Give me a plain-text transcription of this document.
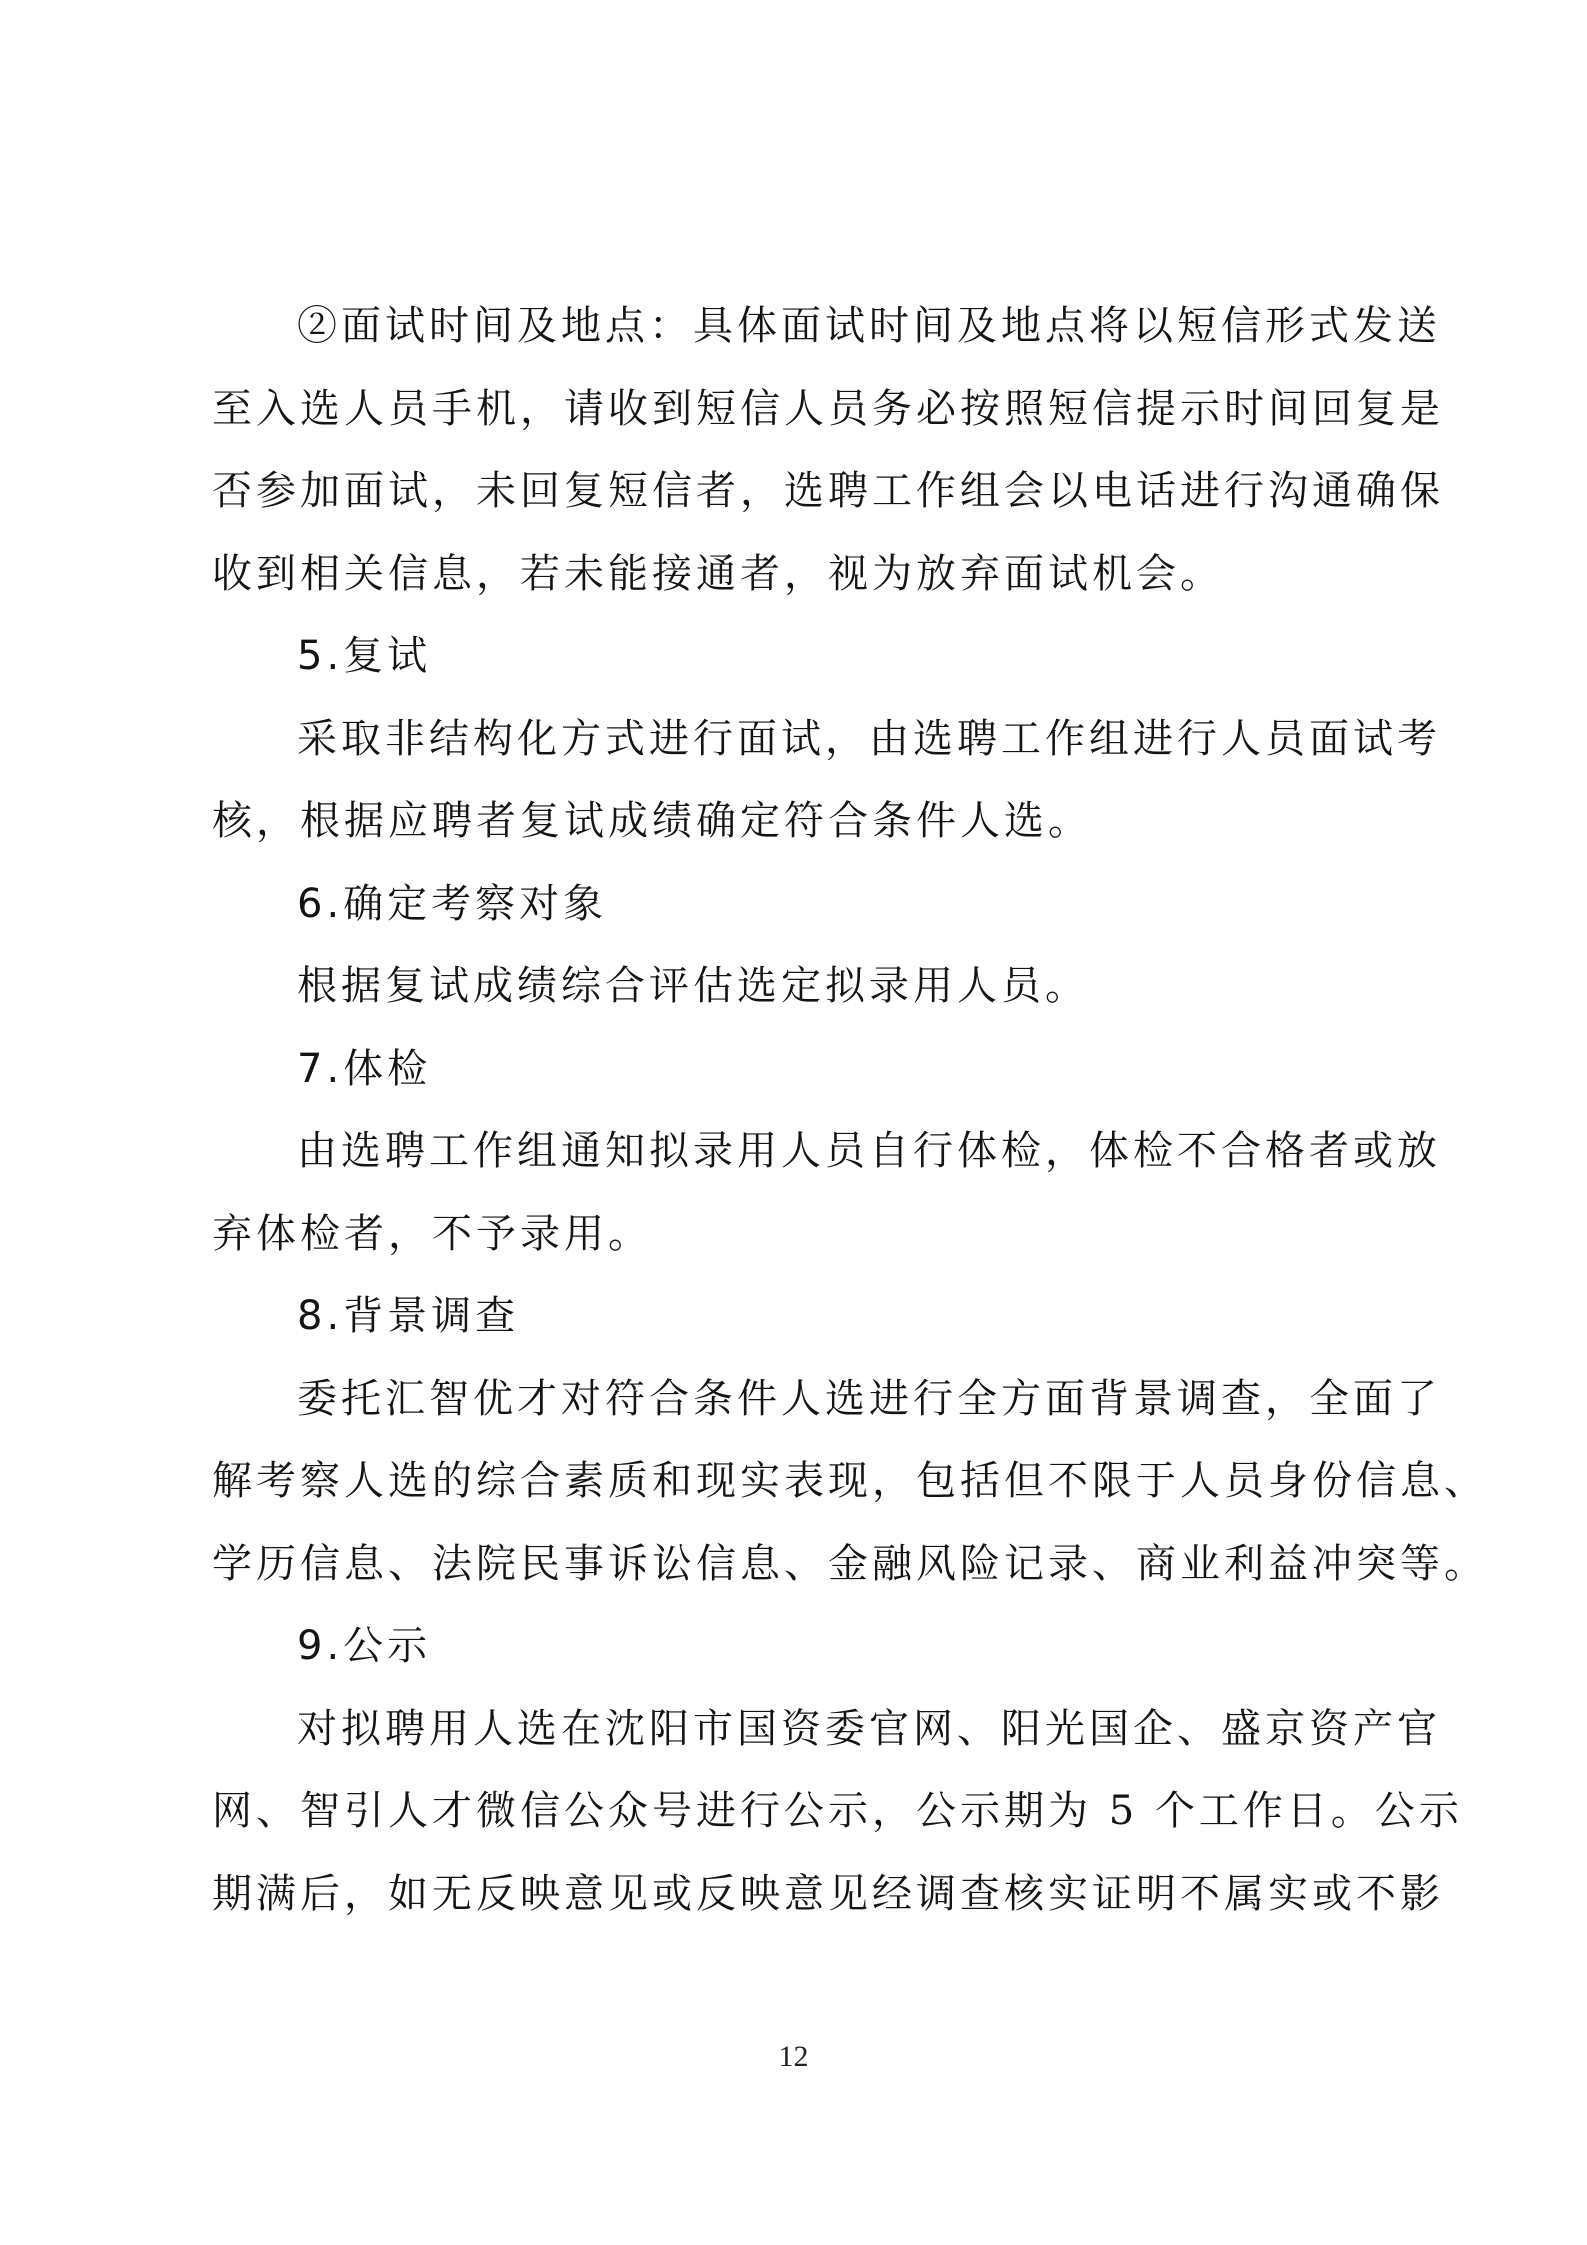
②面试时间及地点：具体面试时间及地点将以短信形式发送
至入选人员手机，请收到短信人员务必按照短信提示时间回复是
否参加面试，未回复短信者，选聘工作组会以电话进行沟通确保
收到相关信息，若未能接通者，视为放弃面试机会。
5.复试
采取非结构化方式进行面试，由选聘工作组进行人员面试考
核，根据应聘者复试成绩确定符合条件人选。
6.确定考察对象
根据复试成绩综合评估选定拟录用人员。
7.体检
由选聘工作组通知拟录用人员自行体检，体检不合格者或放
弃体检者，不予录用。
8.背景调查
委托汇智优才对符合条件人选进行全方面背景调查，全面了
解考察人选的综合素质和现实表现，包括但不限于人员身份信息、
学历信息、法院民事诉讼信息、金融风险记录、商业利益冲突等。
9.公示
对拟聘用人选在沈阳市国资委官网、阳光国企、盛京资产官
网、智引人才微信公众号进行公示，公示期为 5 个工作日。公示
期满后，如无反映意见或反映意见经调查核实证明不属实或不影
12
